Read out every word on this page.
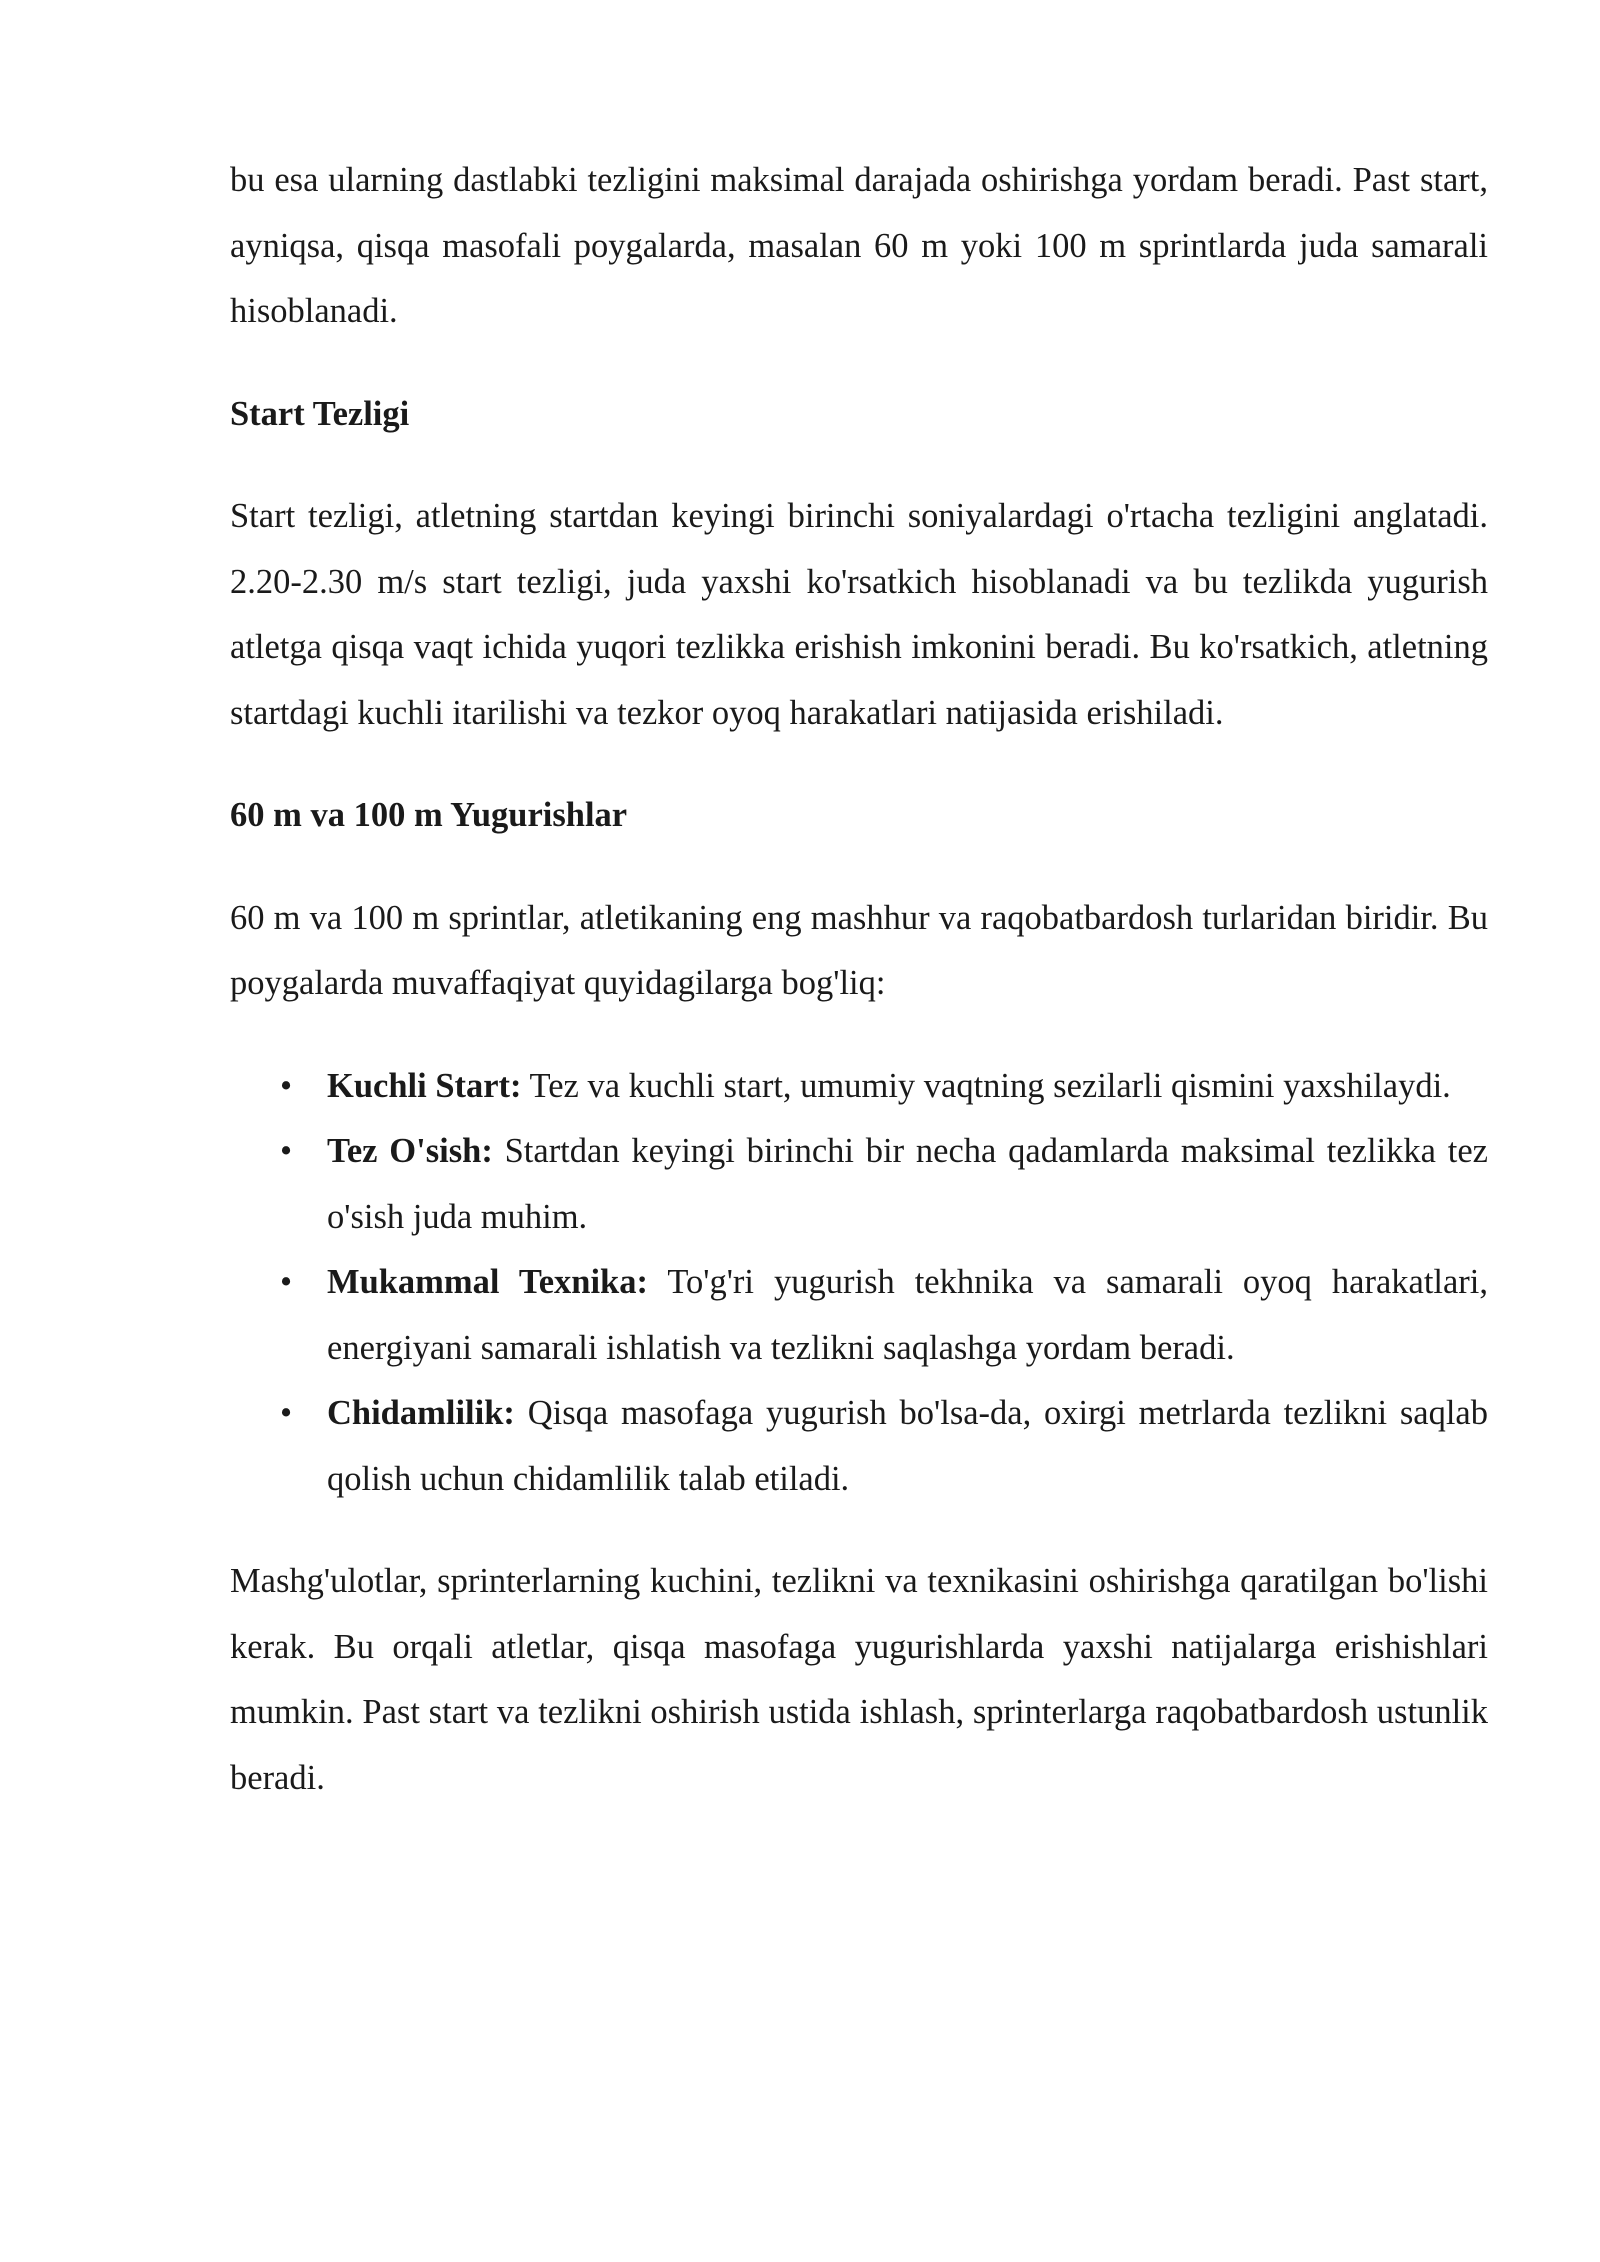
bu esa ularning dastlabki tezligini maksimal darajada oshirishga yordam beradi. Past start, ayniqsa, qisqa masofali poygalarda, masalan 60 m yoki 100 m sprintlarda juda samarali hisoblanadi.

Start Tezligi

Start tezligi, atletning startdan keyingi birinchi soniyalardagi o'rtacha tezligini anglatadi. 2.20-2.30 m/s start tezligi, juda yaxshi ko'rsatkich hisoblanadi va bu tezlikda yugurish atletga qisqa vaqt ichida yuqori tezlikka erishish imkonini beradi. Bu ko'rsatkich, atletning startdagi kuchli itarilishi va tezkor oyoq harakatlari natijasida erishiladi.

60 m va 100 m Yugurishlar

60 m va 100 m sprintlar, atletikaning eng mashhur va raqobatbardosh turlaridan biridir. Bu poygalarda muvaffaqiyat quyidagilarga bog'liq:

• Kuchli Start: Tez va kuchli start, umumiy vaqtning sezilarli qismini yaxshilaydi.
• Tez O'sish: Startdan keyingi birinchi bir necha qadamlarda maksimal tezlikka tez o'sish juda muhim.
• Mukammal Texnika: To'g'ri yugurish tekhnika va samarali oyoq harakatlari, energiyani samarali ishlatish va tezlikni saqlashga yordam beradi.
• Chidamlilik: Qisqa masofaga yugurish bo'lsa-da, oxirgi metrlarda tezlikni saqlab qolish uchun chidamlilik talab etiladi.

Mashg'ulotlar, sprinterlarning kuchini, tezlikni va texnikasini oshirishga qaratilgan bo'lishi kerak. Bu orqali atletlar, qisqa masofaga yugurishlarda yaxshi natijalarga erishishlari mumkin. Past start va tezlikni oshirish ustida ishlash, sprinterlarga raqobatbardosh ustunlik beradi.
